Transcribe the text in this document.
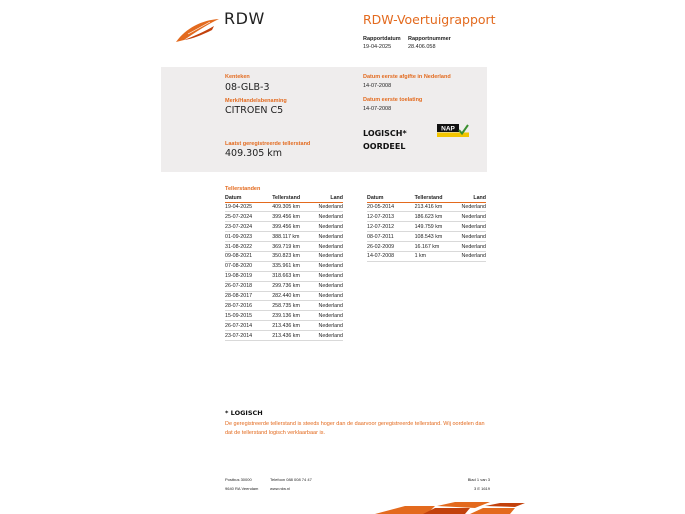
RDW	RDW-Voertuigrapport
Rapportdatum
19-04-2025
Rapportnummer
28.406.058
Kenteken
08-GLB-3
Merk/Handelsbenaming
CITROEN C5
Laatst geregistreerde tellerstand
409.305 km
Datum eerste afgifte in Nederland
14-07-2008
Datum eerste toelating
14-07-2008
LOGISCH*
OORDEEL
NAP
Tellerstanden
Datum	Tellerstand	Land
19-04-2025	409.305 km	Nederland
25-07-2024	399.456 km	Nederland
23-07-2024	399.456 km	Nederland
01-09-2023	388.117 km	Nederland
31-08-2022	369.719 km	Nederland
09-08-2021	350.823 km	Nederland
07-08-2020	335.961 km	Nederland
19-08-2019	318.663 km	Nederland
26-07-2018	299.736 km	Nederland
28-08-2017	282.440 km	Nederland
28-07-2016	258.735 km	Nederland
15-09-2015	239.136 km	Nederland
26-07-2014	213.436 km	Nederland
23-07-2014	213.436 km	Nederland
Datum	Tellerstand	Land
20-05-2014	213.416 km	Nederland
12-07-2013	186.623 km	Nederland
12-07-2012	149.759 km	Nederland
08-07-2011	108.543 km	Nederland
26-02-2009	16.167 km	Nederland
14-07-2008	1 km	Nederland
* LOGISCH
De geregistreerde tellerstand is steeds hoger dan de daarvoor geregistreerde tellerstand. Wij oordelen dan dat de tellerstand logisch verklaarbaar is.
Postbus 30000
9640 RA Veendam
Telefoon 088 008 74 47
www.rdw.nl
Blad 1 van 3
3 E 1619
